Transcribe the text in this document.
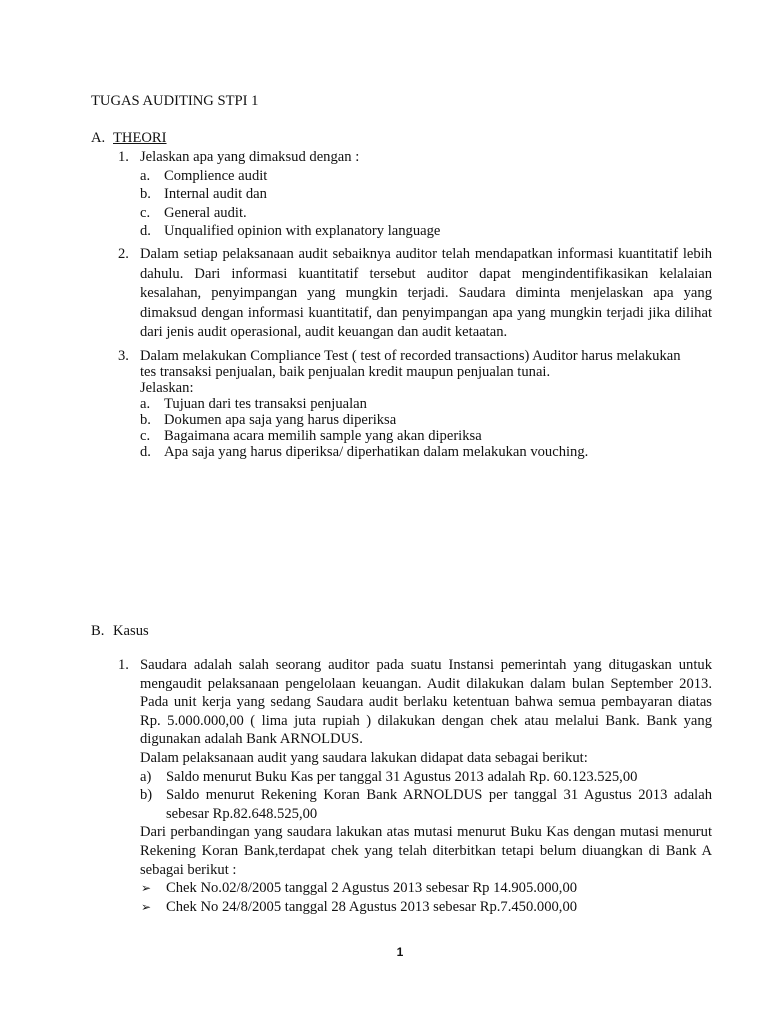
TUGAS AUDITING STPI 1
A. THEORI
1. Jelaskan apa yang dimaksud dengan :
a. Complience audit
b. Internal audit dan
c. General audit.
d. Unqualified opinion with explanatory language
2. Dalam setiap pelaksanaan audit sebaiknya auditor telah mendapatkan informasi kuantitatif lebih dahulu. Dari informasi kuantitatif tersebut auditor dapat mengindentifikasikan kelalaian kesalahan, penyimpangan yang mungkin terjadi. Saudara diminta menjelaskan apa yang dimaksud dengan informasi kuantitatif, dan penyimpangan apa yang mungkin terjadi jika dilihat dari jenis audit operasional, audit keuangan dan audit ketaatan.
3. Dalam melakukan Compliance Test ( test of recorded transactions) Auditor harus melakukan
tes transaksi penjualan, baik penjualan kredit maupun penjualan tunai.
Jelaskan:
a. Tujuan dari tes transaksi penjualan
b. Dokumen apa saja yang harus diperiksa
c. Bagaimana acara memilih sample yang akan diperiksa
d. Apa saja yang harus diperiksa/ diperhatikan dalam melakukan vouching.
B. Kasus
1. Saudara adalah salah seorang auditor pada suatu Instansi pemerintah yang ditugaskan untuk mengaudit pelaksanaan pengelolaan keuangan. Audit dilakukan dalam bulan September 2013. Pada unit kerja yang sedang Saudara audit berlaku ketentuan bahwa semua pembayaran diatas Rp. 5.000.000,00 ( lima juta rupiah ) dilakukan dengan chek atau melalui Bank. Bank yang digunakan adalah Bank ARNOLDUS.
Dalam pelaksanaan audit yang saudara lakukan didapat data sebagai berikut:
a) Saldo menurut Buku Kas per tanggal 31 Agustus 2013 adalah Rp. 60.123.525,00
b) Saldo menurut Rekening Koran Bank ARNOLDUS per tanggal 31 Agustus 2013 adalah sebesar Rp.82.648.525,00
Dari perbandingan yang saudara lakukan atas mutasi menurut Buku Kas dengan mutasi menurut Rekening Koran Bank,terdapat chek yang telah diterbitkan tetapi belum diuangkan di Bank A sebagai berikut :
➢ Chek No.02/8/2005 tanggal 2 Agustus 2013 sebesar Rp 14.905.000,00
➢ Chek No 24/8/2005 tanggal 28 Agustus 2013 sebesar Rp.7.450.000,00
1
